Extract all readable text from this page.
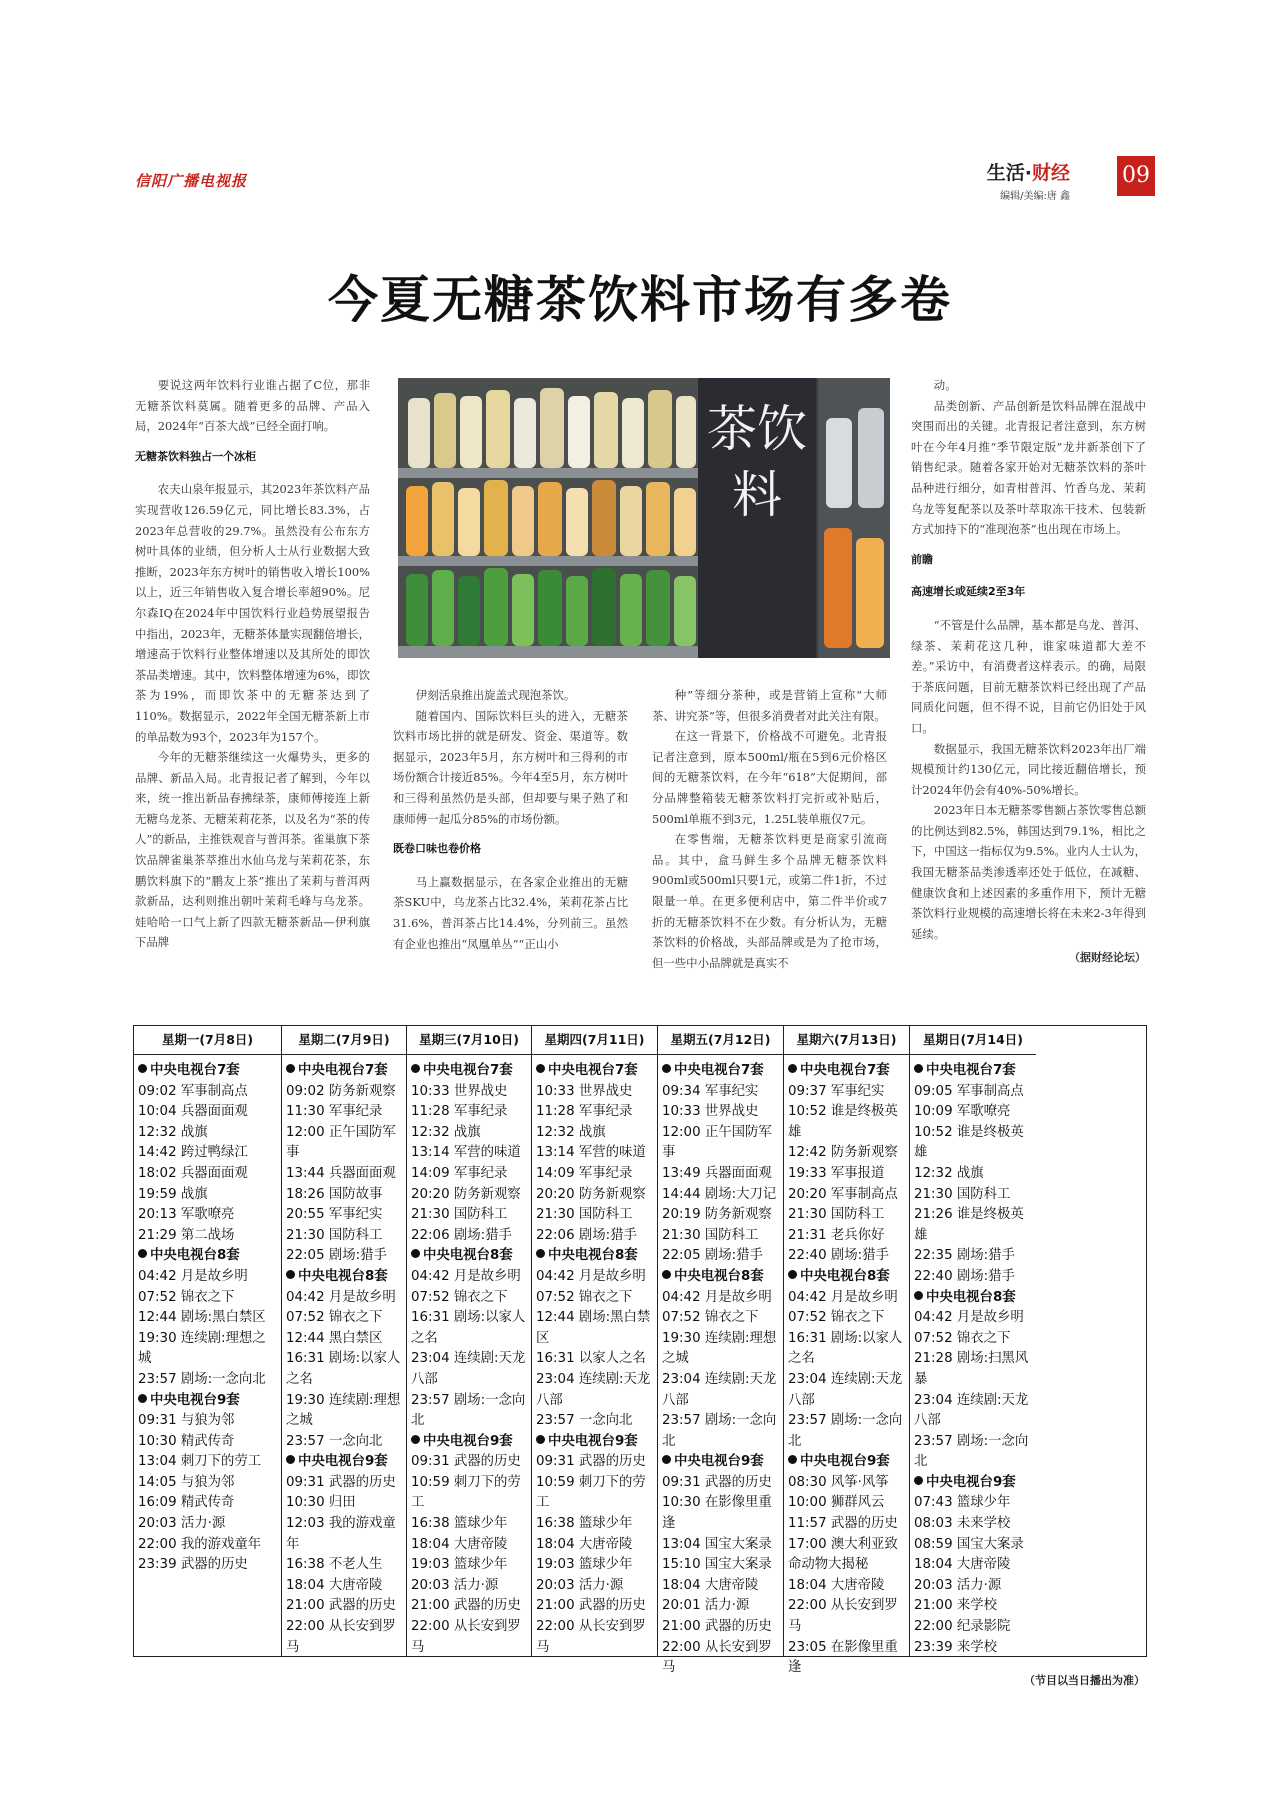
信阳广播电视报	生活·财经
编辑/美编:唐 鑫
09
今夏无糖茶饮料市场有多卷

要说这两年饮料行业谁占据了C位，那非无糖茶饮料莫属。随着更多的品牌、产品入局，2024年“百茶大战”已经全面打响。

无糖茶饮料独占一个冰柜

农夫山泉年报显示，其2023年茶饮料产品实现营收126.59亿元，同比增长83.3%，占2023年总营收的29.7%。虽然没有公布东方树叶具体的业绩，但分析人士从行业数据大致推断，2023年东方树叶的销售收入增长100%以上，近三年销售收入复合增长率超90%。尼尔森IQ在2024年中国饮料行业趋势展望报告中指出，2023年，无糖茶体量实现翻倍增长，增速高于饮料行业整体增速以及其所处的即饮茶品类增速。其中，饮料整体增速为6%，即饮茶为19%，而即饮茶中的无糖茶达到了110%。数据显示，2022年全国无糖茶新上市的单品数为93个，2023年为157个。

今年的无糖茶继续这一火爆势头，更多的品牌、新品入局。北青报记者了解到，今年以来，统一推出新品春拂绿茶，康师傅接连上新无糖乌龙茶、无糖茉莉花茶，以及名为“茶的传人”的新品，主推铁观音与普洱茶。雀巢旗下茶饮品牌雀巢茶萃推出水仙乌龙与茉莉花茶，东鹏饮料旗下的“鹏友上茶”推出了茉莉与普洱两款新品，达利则推出朝叶茉莉毛峰与乌龙茶。娃哈哈一口气上新了四款无糖茶新品—伊利旗下品牌

茶饮料

伊刻活泉推出旋盖式现泡茶饮。

随着国内、国际饮料巨头的进入，无糖茶饮料市场比拼的就是研发、资金、渠道等。数据显示，2023年5月，东方树叶和三得利的市场份额合计接近85%。今年4至5月，东方树叶和三得利虽然仍是头部，但却要与果子熟了和康师傅一起瓜分85%的市场份额。

既卷口味也卷价格

马上赢数据显示，在各家企业推出的无糖茶SKU中，乌龙茶占比32.4%，茉莉花茶占比31.6%，普洱茶占比14.4%，分列前三。虽然有企业也推出“凤凰单丛”“正山小

种”等细分茶种，或是营销上宣称“大师茶、讲究茶”等，但很多消费者对此关注有限。

在这一背景下，价格战不可避免。北青报记者注意到，原本500ml/瓶在5到6元价格区间的无糖茶饮料，在今年“618”大促期间，部分品牌整箱装无糖茶饮料打完折或补贴后，500ml单瓶不到3元，1.25L装单瓶仅7元。

在零售端，无糖茶饮料更是商家引流商品。其中，盒马鲜生多个品牌无糖茶饮料900ml或500ml只要1元，或第二件1折，不过限量一单。在更多便利店中，第二件半价或7折的无糖茶饮料不在少数。有分析认为，无糖茶饮料的价格战，头部品牌或是为了抢市场，但一些中小品牌就是真实不

动。

品类创新、产品创新是饮料品牌在混战中突围而出的关键。北青报记者注意到，东方树叶在今年4月推“季节限定版”龙井新茶创下了销售纪录。随着各家开始对无糖茶饮料的茶叶品种进行细分，如青柑普洱、竹香乌龙、茉莉乌龙等复配茶以及茶叶萃取冻干技术、包装新方式加持下的“准现泡茶”也出现在市场上。

前瞻

高速增长或延续2至3年

“不管是什么品牌，基本都是乌龙、普洱、绿茶、茉莉花这几种，谁家味道都大差不差。”采访中，有消费者这样表示。的确，局限于茶底问题，目前无糖茶饮料已经出现了产品同质化问题，但不得不说，目前它仍旧处于风口。

数据显示，我国无糖茶饮料2023年出厂端规模预计约130亿元，同比接近翻倍增长，预计2024年仍会有40%-50%增长。

2023年日本无糖茶零售额占茶饮零售总额的比例达到82.5%，韩国达到79.1%，相比之下，中国这一指标仅为9.5%。业内人士认为，我国无糖茶品类渗透率还处于低位，在减糖、健康饮食和上述因素的多重作用下，预计无糖茶饮料行业规模的高速增长将在未来2-3年得到延续。

（据财经论坛）

星期一(7月8日)
中央电视台7套
09:02 军事制高点
10:04 兵器面面观
12:32 战旗
14:42 跨过鸭绿江
18:02 兵器面面观
19:59 战旗
20:13 军歌嘹亮
21:29 第二战场
中央电视台8套
04:42 月是故乡明
07:52 锦衣之下
12:44 剧场:黑白禁区
19:30 连续剧:理想之城
23:57 剧场:一念向北
中央电视台9套
09:31 与狼为邻
10:30 精武传奇
13:04 刺刀下的劳工
14:05 与狼为邻
16:09 精武传奇
20:03 活力·源
22:00 我的游戏童年
23:39 武器的历史
星期二(7月9日)
中央电视台7套
09:02 防务新观察
11:30 军事纪录
12:00 正午国防军事
13:44 兵器面面观
18:26 国防故事
20:55 军事纪实
21:30 国防科工
22:05 剧场:猎手
中央电视台8套
04:42 月是故乡明
07:52 锦衣之下
12:44 黑白禁区
16:31 剧场:以家人之名
19:30 连续剧:理想之城
23:57 一念向北
中央电视台9套
09:31 武器的历史
10:30 归田
12:03 我的游戏童年
16:38 不老人生
18:04 大唐帝陵
21:00 武器的历史
22:00 从长安到罗马
星期三(7月10日)
中央电视台7套
10:33 世界战史
11:28 军事纪录
12:32 战旗
13:14 军营的味道
14:09 军事纪录
20:20 防务新观察
21:30 国防科工
22:06 剧场:猎手
中央电视台8套
04:42 月是故乡明
07:52 锦衣之下
16:31 剧场:以家人之名
23:04 连续剧:天龙八部
23:57 剧场:一念向北
中央电视台9套
09:31 武器的历史
10:59 刺刀下的劳工
16:38 篮球少年
18:04 大唐帝陵
19:03 篮球少年
20:03 活力·源
21:00 武器的历史
22:00 从长安到罗马
星期四(7月11日)
中央电视台7套
10:33 世界战史
11:28 军事纪录
12:32 战旗
13:14 军营的味道
14:09 军事纪录
20:20 防务新观察
21:30 国防科工
22:06 剧场:猎手
中央电视台8套
04:42 月是故乡明
07:52 锦衣之下
12:44 剧场:黑白禁区
16:31 以家人之名
23:04 连续剧:天龙八部
23:57 一念向北
中央电视台9套
09:31 武器的历史
10:59 刺刀下的劳工
16:38 篮球少年
18:04 大唐帝陵
19:03 篮球少年
20:03 活力·源
21:00 武器的历史
22:00 从长安到罗马
星期五(7月12日)
中央电视台7套
09:34 军事纪实
10:33 世界战史
12:00 正午国防军事
13:49 兵器面面观
14:44 剧场:大刀记
20:19 防务新观察
21:30 国防科工
22:05 剧场:猎手
中央电视台8套
04:42 月是故乡明
07:52 锦衣之下
19:30 连续剧:理想之城
23:04 连续剧:天龙八部
23:57 剧场:一念向北
中央电视台9套
09:31 武器的历史
10:30 在影像里重逢
13:04 国宝大案录
15:10 国宝大案录
18:04 大唐帝陵
20:01 活力·源
21:00 武器的历史
22:00 从长安到罗马
星期六(7月13日)
中央电视台7套
09:37 军事纪实
10:52 谁是终极英雄
12:42 防务新观察
19:33 军事报道
20:20 军事制高点
21:30 国防科工
21:31 老兵你好
22:40 剧场:猎手
中央电视台8套
04:42 月是故乡明
07:52 锦衣之下
16:31 剧场:以家人之名
23:04 连续剧:天龙八部
23:57 剧场:一念向北
中央电视台9套
08:30 风筝·风筝
10:00 狮群风云
11:57 武器的历史
17:00 澳大利亚致命动物大揭秘
18:04 大唐帝陵
22:00 从长安到罗马
23:05 在影像里重逢
星期日(7月14日)
中央电视台7套
09:05 军事制高点
10:09 军歌嘹亮
10:52 谁是终极英雄
12:32 战旗
21:30 国防科工
21:26 谁是终极英雄
22:35 剧场:猎手
22:40 剧场:猎手
中央电视台8套
04:42 月是故乡明
07:52 锦衣之下
21:28 剧场:扫黑风暴
23:04 连续剧:天龙八部
23:57 剧场:一念向北
中央电视台9套
07:43 篮球少年
08:03 未来学校
08:59 国宝大案录
18:04 大唐帝陵
20:03 活力·源
21:00 来学校
22:00 纪录影院
23:39 来学校
（节目以当日播出为准）
